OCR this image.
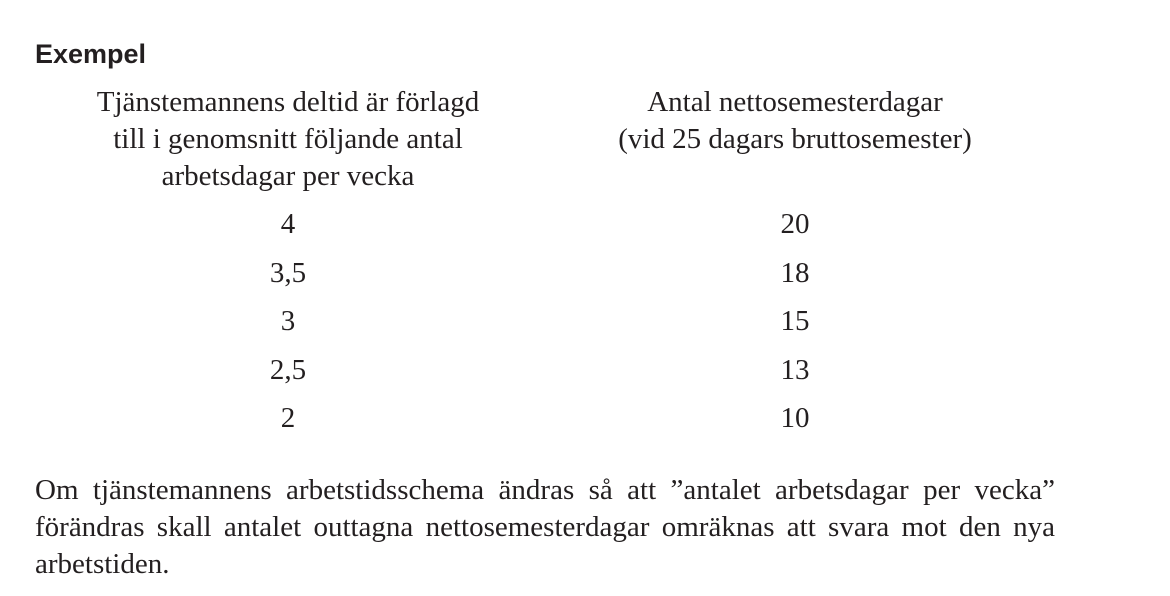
Exempel
Tjänstemannens deltid är förlagd
till i genomsnitt följande antal
arbetsdagar per vecka
4
3,5
3
2,5
2
Antal nettosemesterdagar
(vid 25 dagars bruttosemester)
20
18
15
13
10

Om tjänstemannens arbetstidsschema ändras så att ”antalet arbetsdagar per vecka” förändras skall antalet outtagna nettosemesterdagar omräknas att svara mot den nya arbetstiden.
